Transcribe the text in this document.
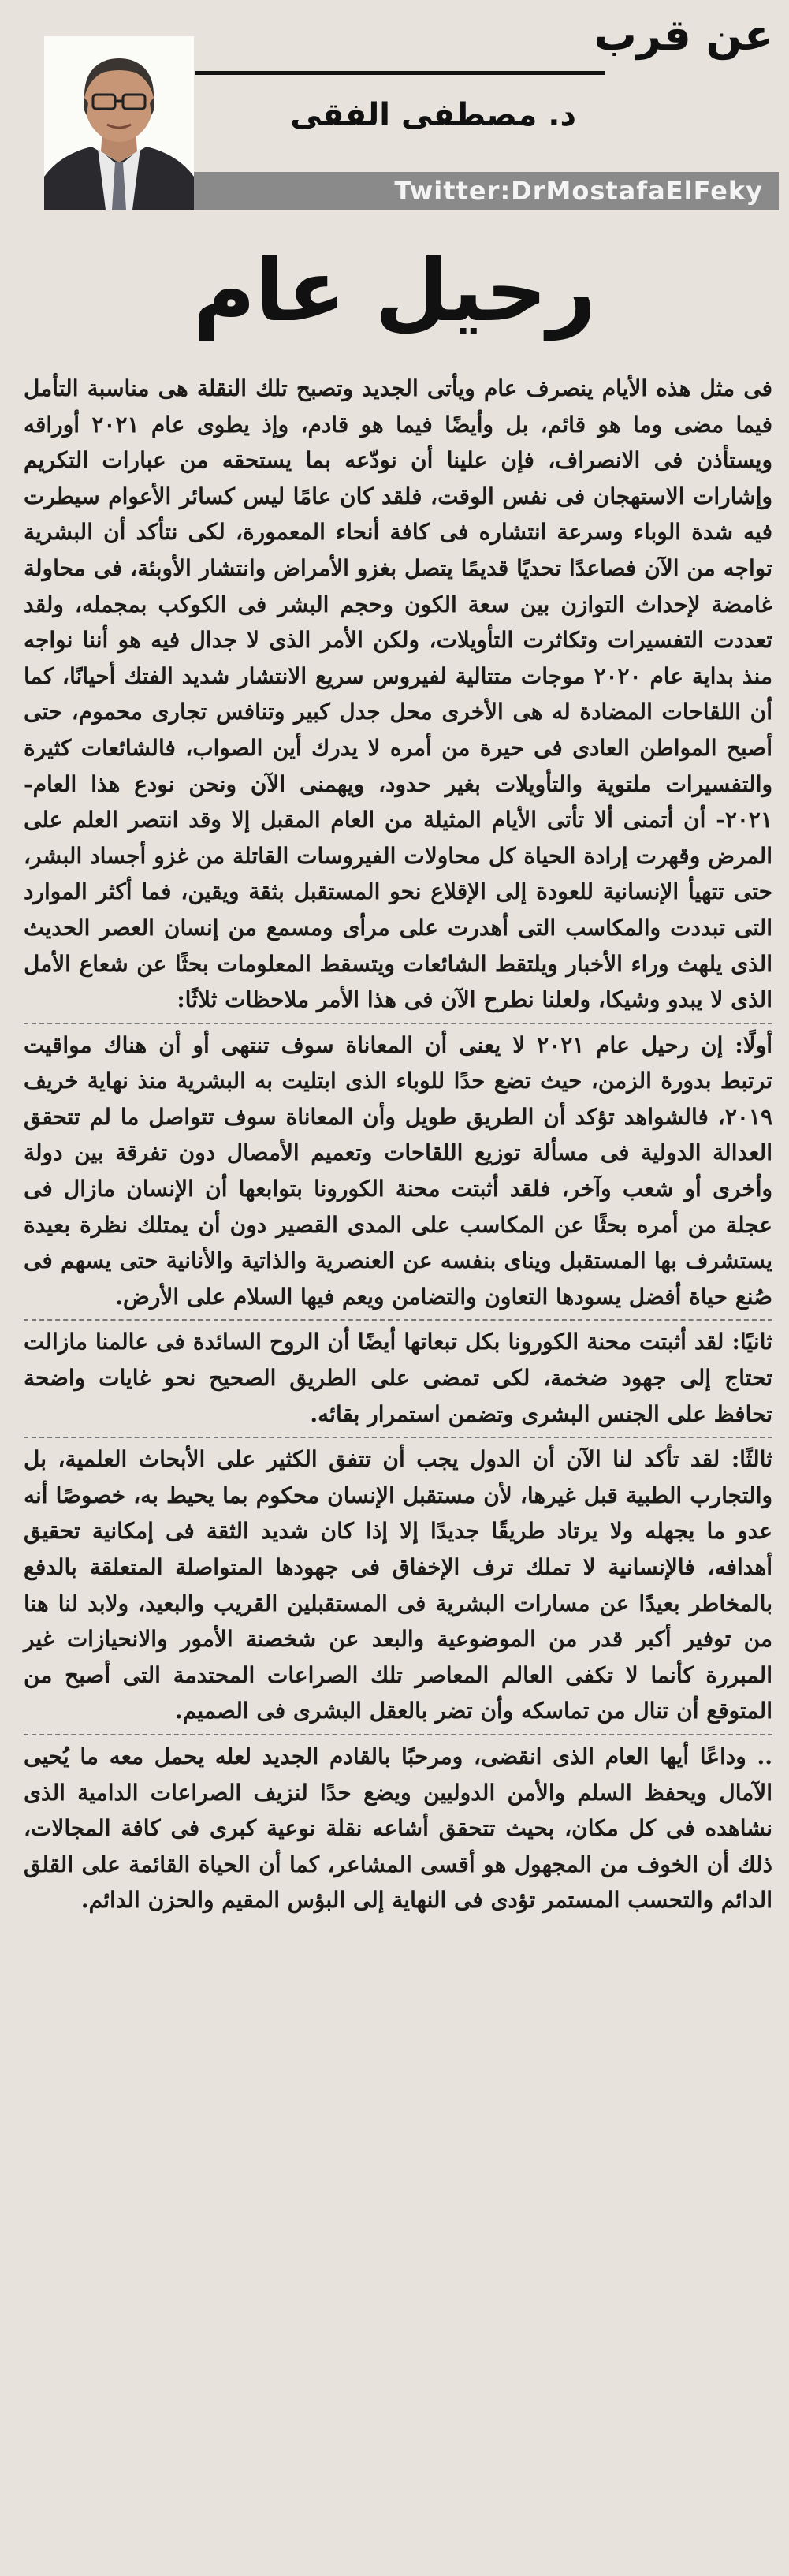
عن قرب
د. مصطفى الفقى
Twitter:DrMostafaElFeky
رحيل عام

فى مثل هذه الأيام ينصرف عام ويأتى الجديد وتصبح تلك النقلة هى مناسبة التأمل فيما مضى وما هو قائم، بل وأيضًا فيما هو قادم، وإذ يطوى عام ٢٠٢١ أوراقه ويستأذن فى الانصراف، فإن علينا أن نودّعه بما يستحقه من عبارات التكريم وإشارات الاستهجان فى نفس الوقت، فلقد كان عامًا ليس كسائر الأعوام سيطرت فيه شدة الوباء وسرعة انتشاره فى كافة أنحاء المعمورة، لكى نتأكد أن البشرية تواجه من الآن فصاعدًا تحديًا قديمًا يتصل بغزو الأمراض وانتشار الأوبئة، فى محاولة غامضة لإحداث التوازن بين سعة الكون وحجم البشر فى الكوكب بمجمله، ولقد تعددت التفسيرات وتكاثرت التأويلات، ولكن الأمر الذى لا جدال فيه هو أننا نواجه منذ بداية عام ٢٠٢٠ موجات متتالية لفيروس سريع الانتشار شديد الفتك أحيانًا، كما أن اللقاحات المضادة له هى الأخرى محل جدل كبير وتنافس تجارى محموم، حتى أصبح المواطن العادى فى حيرة من أمره لا يدرك أين الصواب، فالشائعات كثيرة والتفسيرات ملتوية والتأويلات بغير حدود، ويهمنى الآن ونحن نودع هذا العام- ٢٠٢١- أن أتمنى ألا تأتى الأيام المثيلة من العام المقبل إلا وقد انتصر العلم على المرض وقهرت إرادة الحياة كل محاولات الفيروسات القاتلة من غزو أجساد البشر، حتى تتهيأ الإنسانية للعودة إلى الإقلاع نحو المستقبل بثقة ويقين، فما أكثر الموارد التى تبددت والمكاسب التى أهدرت على مرأى ومسمع من إنسان العصر الحديث الذى يلهث وراء الأخبار ويلتقط الشائعات ويتسقط المعلومات بحثًا عن شعاع الأمل الذى لا يبدو وشيكا، ولعلنا نطرح الآن فى هذا الأمر ملاحظات ثلاثًا:

أولًا: إن رحيل عام ٢٠٢١ لا يعنى أن المعاناة سوف تنتهى أو أن هناك مواقيت ترتبط بدورة الزمن، حيث تضع حدًا للوباء الذى ابتليت به البشرية منذ نهاية خريف ٢٠١٩، فالشواهد تؤكد أن الطريق طويل وأن المعاناة سوف تتواصل ما لم تتحقق العدالة الدولية فى مسألة توزيع اللقاحات وتعميم الأمصال دون تفرقة بين دولة وأخرى أو شعب وآخر، فلقد أثبتت محنة الكورونا بتوابعها أن الإنسان مازال فى عجلة من أمره بحثًا عن المكاسب على المدى القصير دون أن يمتلك نظرة بعيدة يستشرف بها المستقبل ويناى بنفسه عن العنصرية والذاتية والأنانية حتى يسهم فى صُنع حياة أفضل يسودها التعاون والتضامن ويعم فيها السلام على الأرض.

ثانيًا: لقد أثبتت محنة الكورونا بكل تبعاتها أيضًا أن الروح السائدة فى عالمنا مازالت تحتاج إلى جهود ضخمة، لكى تمضى على الطريق الصحيح نحو غايات واضحة تحافظ على الجنس البشرى وتضمن استمرار بقائه.

ثالثًا: لقد تأكد لنا الآن أن الدول يجب أن تتفق الكثير على الأبحاث العلمية، بل والتجارب الطبية قبل غيرها، لأن مستقبل الإنسان محكوم بما يحيط به، خصوصًا أنه عدو ما يجهله ولا يرتاد طريقًا جديدًا إلا إذا كان شديد الثقة فى إمكانية تحقيق أهدافه، فالإنسانية لا تملك ترف الإخفاق فى جهودها المتواصلة المتعلقة بالدفع بالمخاطر بعيدًا عن مسارات البشرية فى المستقبلين القريب والبعيد، ولابد لنا هنا من توفير أكبر قدر من الموضوعية والبعد عن شخصنة الأمور والانحيازات غير المبررة كأنما لا تكفى العالم المعاصر تلك الصراعات المحتدمة التى أصبح من المتوقع أن تنال من تماسكه وأن تضر بالعقل البشرى فى الصميم.

.. وداعًا أيها العام الذى انقضى، ومرحبًا بالقادم الجديد لعله يحمل معه ما يُحيى الآمال ويحفظ السلم والأمن الدوليين ويضع حدًا لنزيف الصراعات الدامية الذى نشاهده فى كل مكان، بحيث تتحقق أشاعه نقلة نوعية كبرى فى كافة المجالات، ذلك أن الخوف من المجهول هو أقسى المشاعر، كما أن الحياة القائمة على القلق الدائم والتحسب المستمر تؤدى فى النهاية إلى البؤس المقيم والحزن الدائم.
